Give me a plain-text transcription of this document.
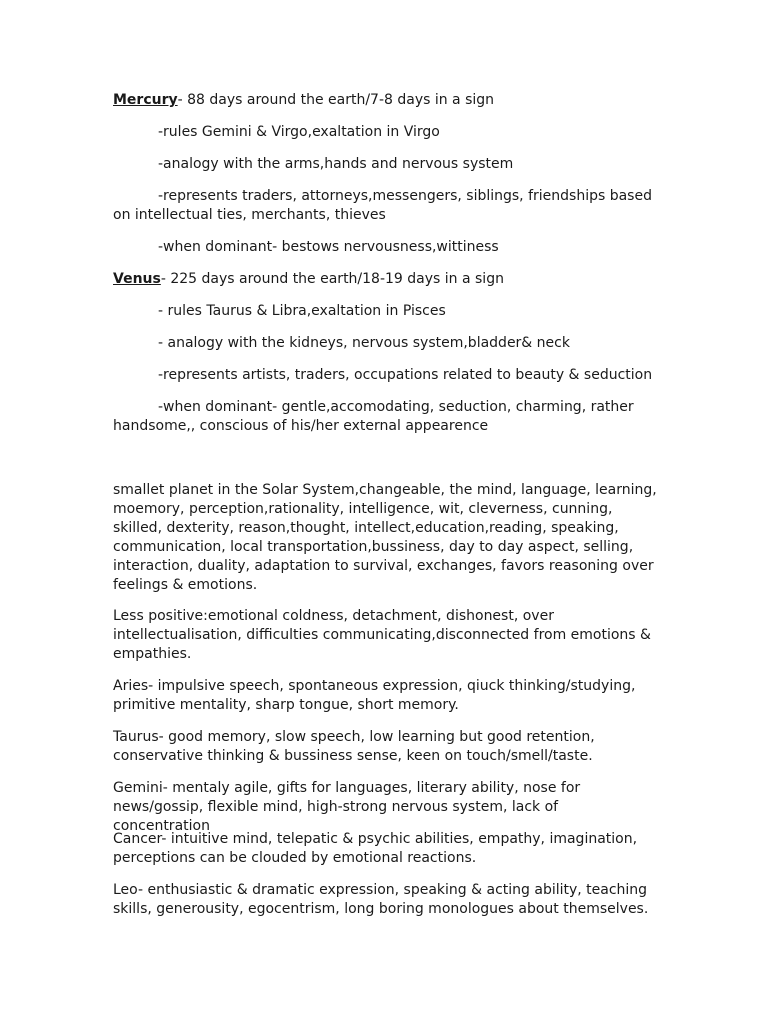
Mercury- 88 days around the earth/7-8 days in a sign

-rules Gemini & Virgo,exaltation in Virgo

-analogy with the arms,hands and nervous system

-represents traders, attorneys,messengers, siblings, friendships based on intellectual ties, merchants, thieves

-when dominant- bestows nervousness,wittiness

Venus- 225 days around the earth/18-19 days in a sign

- rules Taurus & Libra,exaltation in Pisces

- analogy with the kidneys, nervous system,bladder& neck

-represents artists, traders, occupations related to beauty & seduction

-when dominant- gentle,accomodating, seduction, charming, rather handsome,, conscious of his/her external appearence

smallet planet in the Solar System,changeable, the mind, language, learning, moemory, perception,rationality, intelligence, wit, cleverness, cunning, skilled, dexterity, reason,thought, intellect,education,reading, speaking, communication, local transportation,bussiness, day to day aspect, selling, interaction, duality, adaptation to survival, exchanges, favors reasoning over feelings & emotions.

Less positive:emotional coldness, detachment, dishonest, over intellectualisation, difficulties communicating,disconnected from emotions & empathies.

Aries- impulsive speech, spontaneous expression, qiuck thinking/studying, primitive mentality, sharp tongue, short memory.

Taurus- good memory, slow speech, low learning but good retention, conservative thinking & bussiness sense, keen on touch/smell/taste.

Gemini- mentaly agile, gifts for languages, literary ability, nose for news/gossip, flexible mind, high-strong nervous system, lack of concentration

Cancer- intuitive mind, telepatic & psychic abilities, empathy, imagination, perceptions can be clouded by emotional reactions.

Leo- enthusiastic & dramatic expression, speaking & acting ability, teaching skills, generousity, egocentrism, long boring monologues about themselves.
